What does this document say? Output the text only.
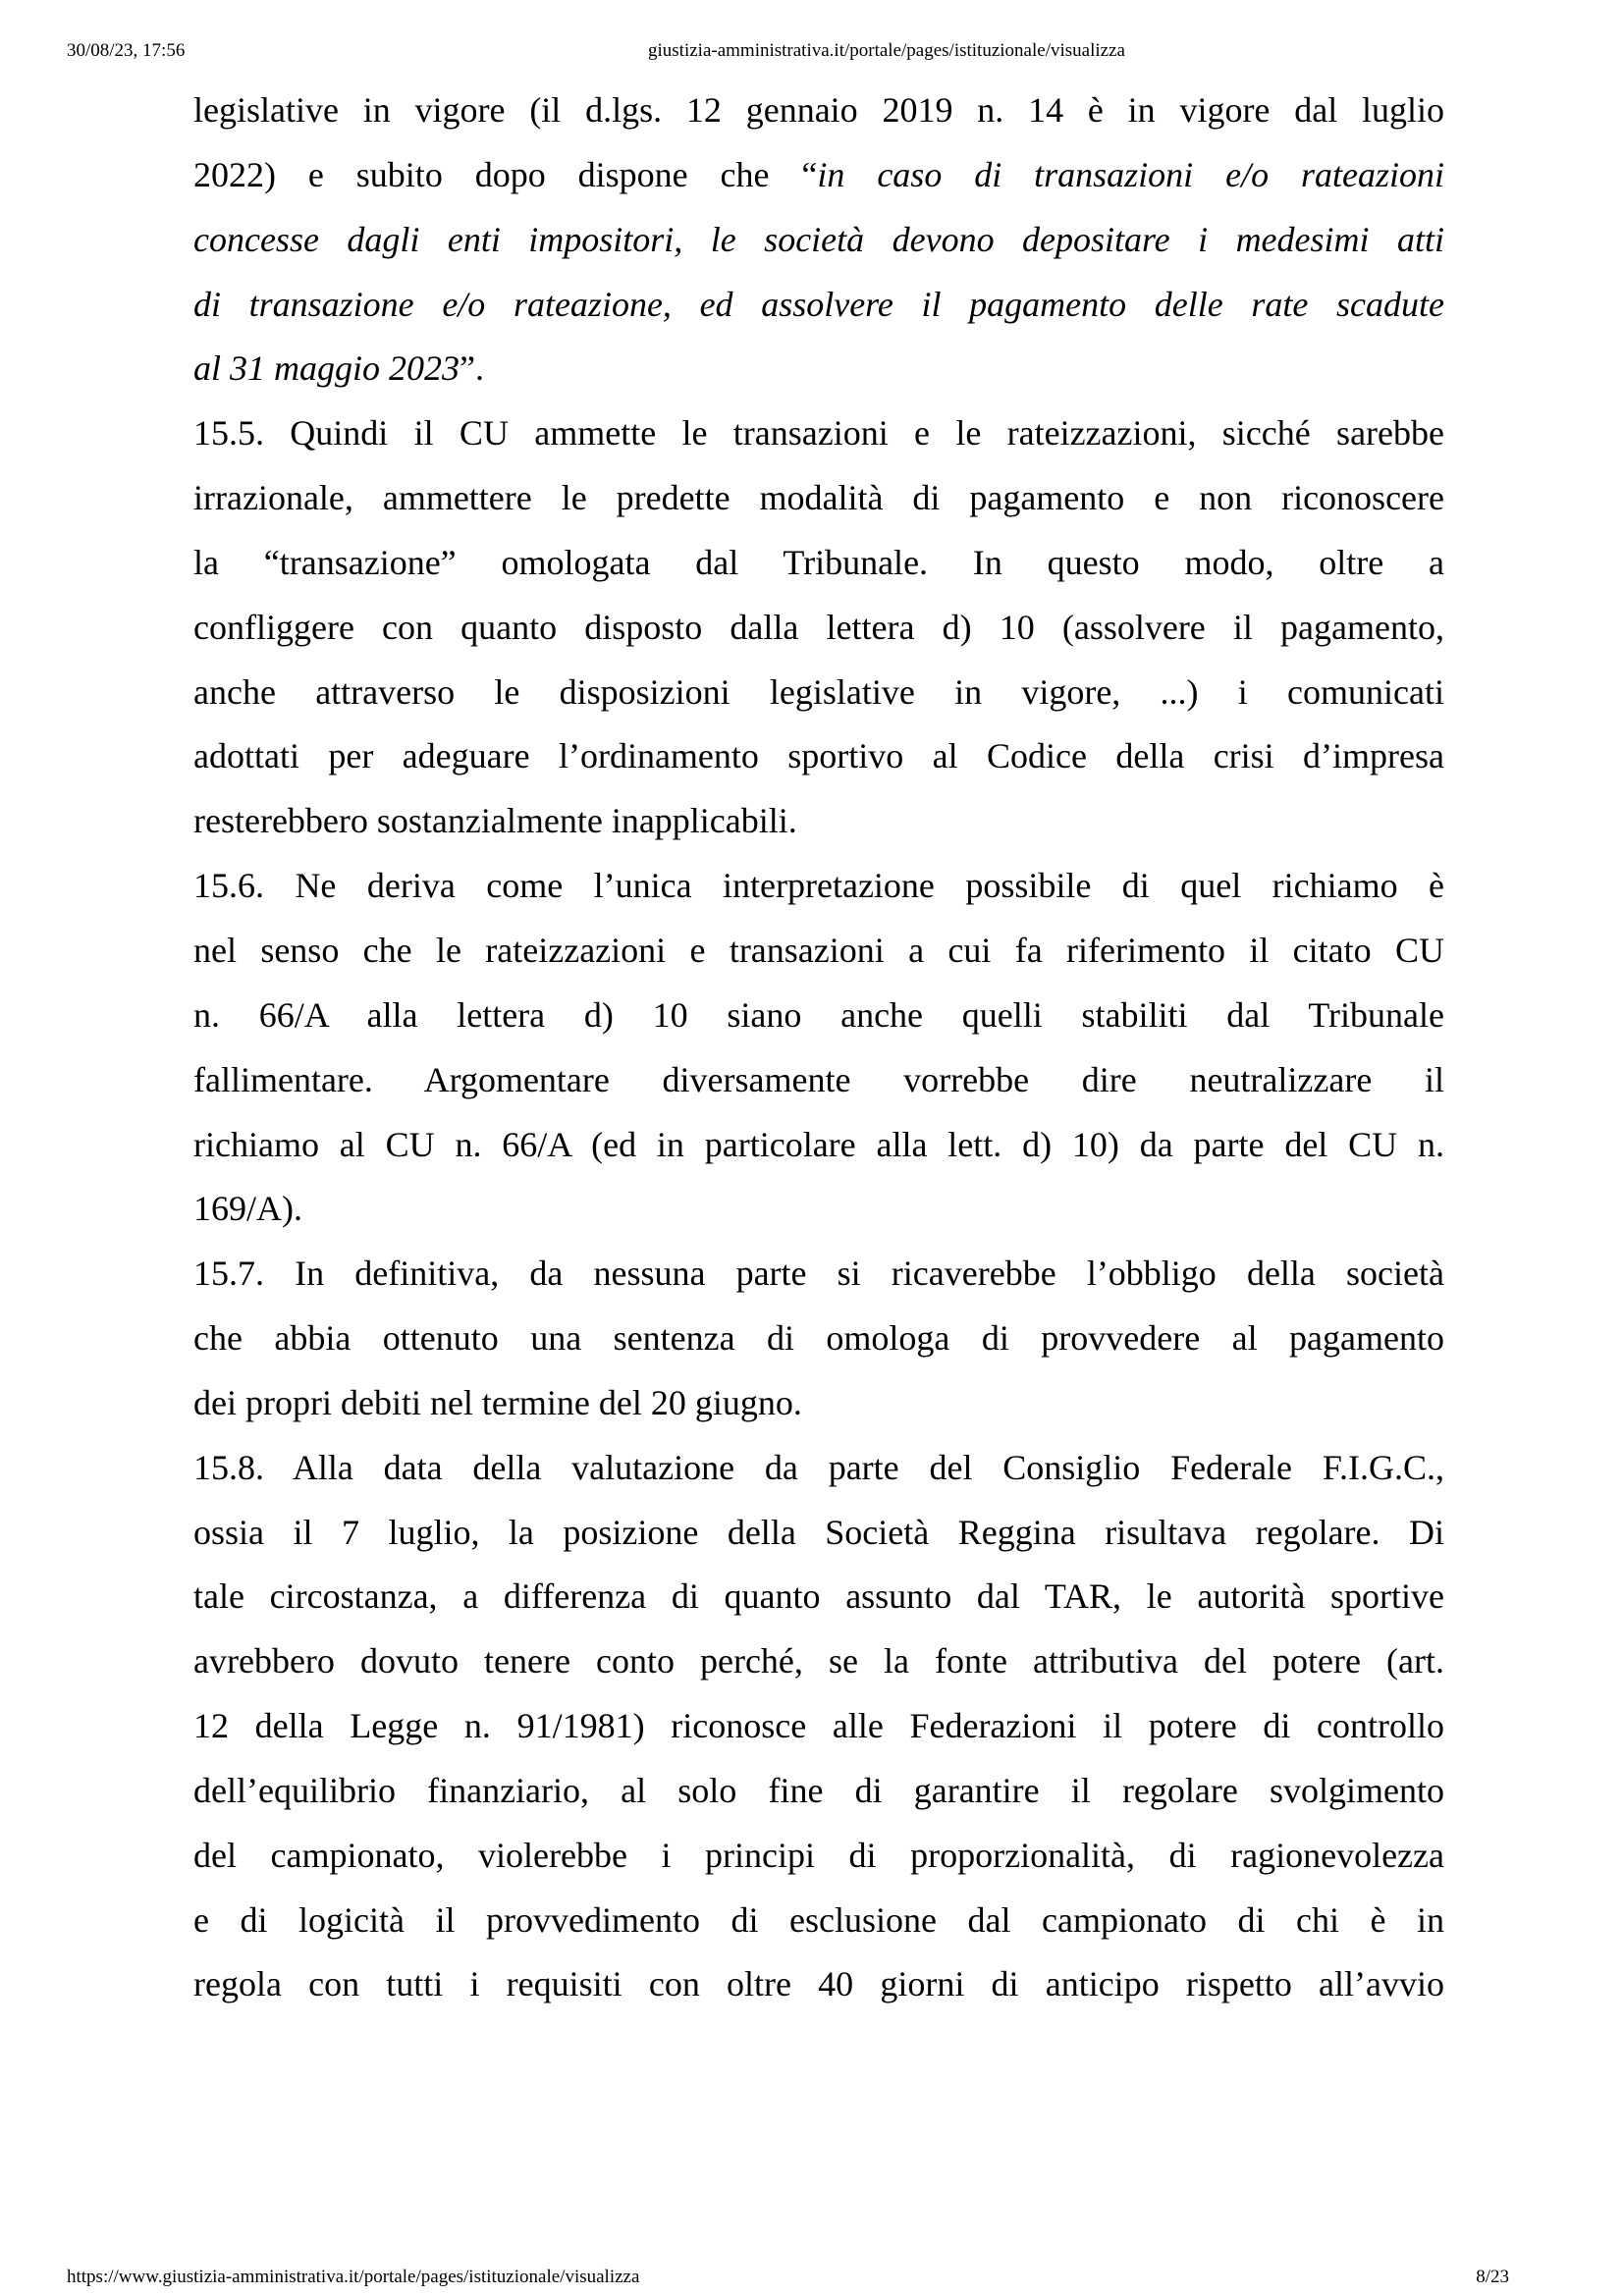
30/08/23, 17:56	giustizia-amministrativa.it/portale/pages/istituzionale/visualizza
legislative in vigore (il d.lgs. 12 gennaio 2019 n. 14 è in vigore dal luglio
2022) e subito dopo dispone che “in caso di transazioni e/o rateazioni
concesse dagli enti impositori, le società devono depositare i medesimi atti
di transazione e/o rateazione, ed assolvere il pagamento delle rate scadute
al 31 maggio 2023”.
15.5. Quindi il CU ammette le transazioni e le rateizzazioni, sicché sarebbe
irrazionale, ammettere le predette modalità di pagamento e non riconoscere
la “transazione” omologata dal Tribunale. In questo modo, oltre a
confliggere con quanto disposto dalla lettera d) 10 (assolvere il pagamento,
anche attraverso le disposizioni legislative in vigore, ...) i comunicati
adottati per adeguare l’ordinamento sportivo al Codice della crisi d’impresa
resterebbero sostanzialmente inapplicabili.
15.6. Ne deriva come l’unica interpretazione possibile di quel richiamo è
nel senso che le rateizzazioni e transazioni a cui fa riferimento il citato CU
n. 66/A alla lettera d) 10 siano anche quelli stabiliti dal Tribunale
fallimentare. Argomentare diversamente vorrebbe dire neutralizzare il
richiamo al CU n. 66/A (ed in particolare alla lett. d) 10) da parte del CU n.
169/A).
15.7. In definitiva, da nessuna parte si ricaverebbe l’obbligo della società
che abbia ottenuto una sentenza di omologa di provvedere al pagamento
dei propri debiti nel termine del 20 giugno.
15.8. Alla data della valutazione da parte del Consiglio Federale F.I.G.C.,
ossia il 7 luglio, la posizione della Società Reggina risultava regolare. Di
tale circostanza, a differenza di quanto assunto dal TAR, le autorità sportive
avrebbero dovuto tenere conto perché, se la fonte attributiva del potere (art.
12 della Legge n. 91/1981) riconosce alle Federazioni il potere di controllo
dell’equilibrio finanziario, al solo fine di garantire il regolare svolgimento
del campionato, violerebbe i principi di proporzionalità, di ragionevolezza
e di logicità il provvedimento di esclusione dal campionato di chi è in
regola con tutti i requisiti con oltre 40 giorni di anticipo rispetto all’avvio
https://www.giustizia-amministrativa.it/portale/pages/istituzionale/visualizza	8/23
